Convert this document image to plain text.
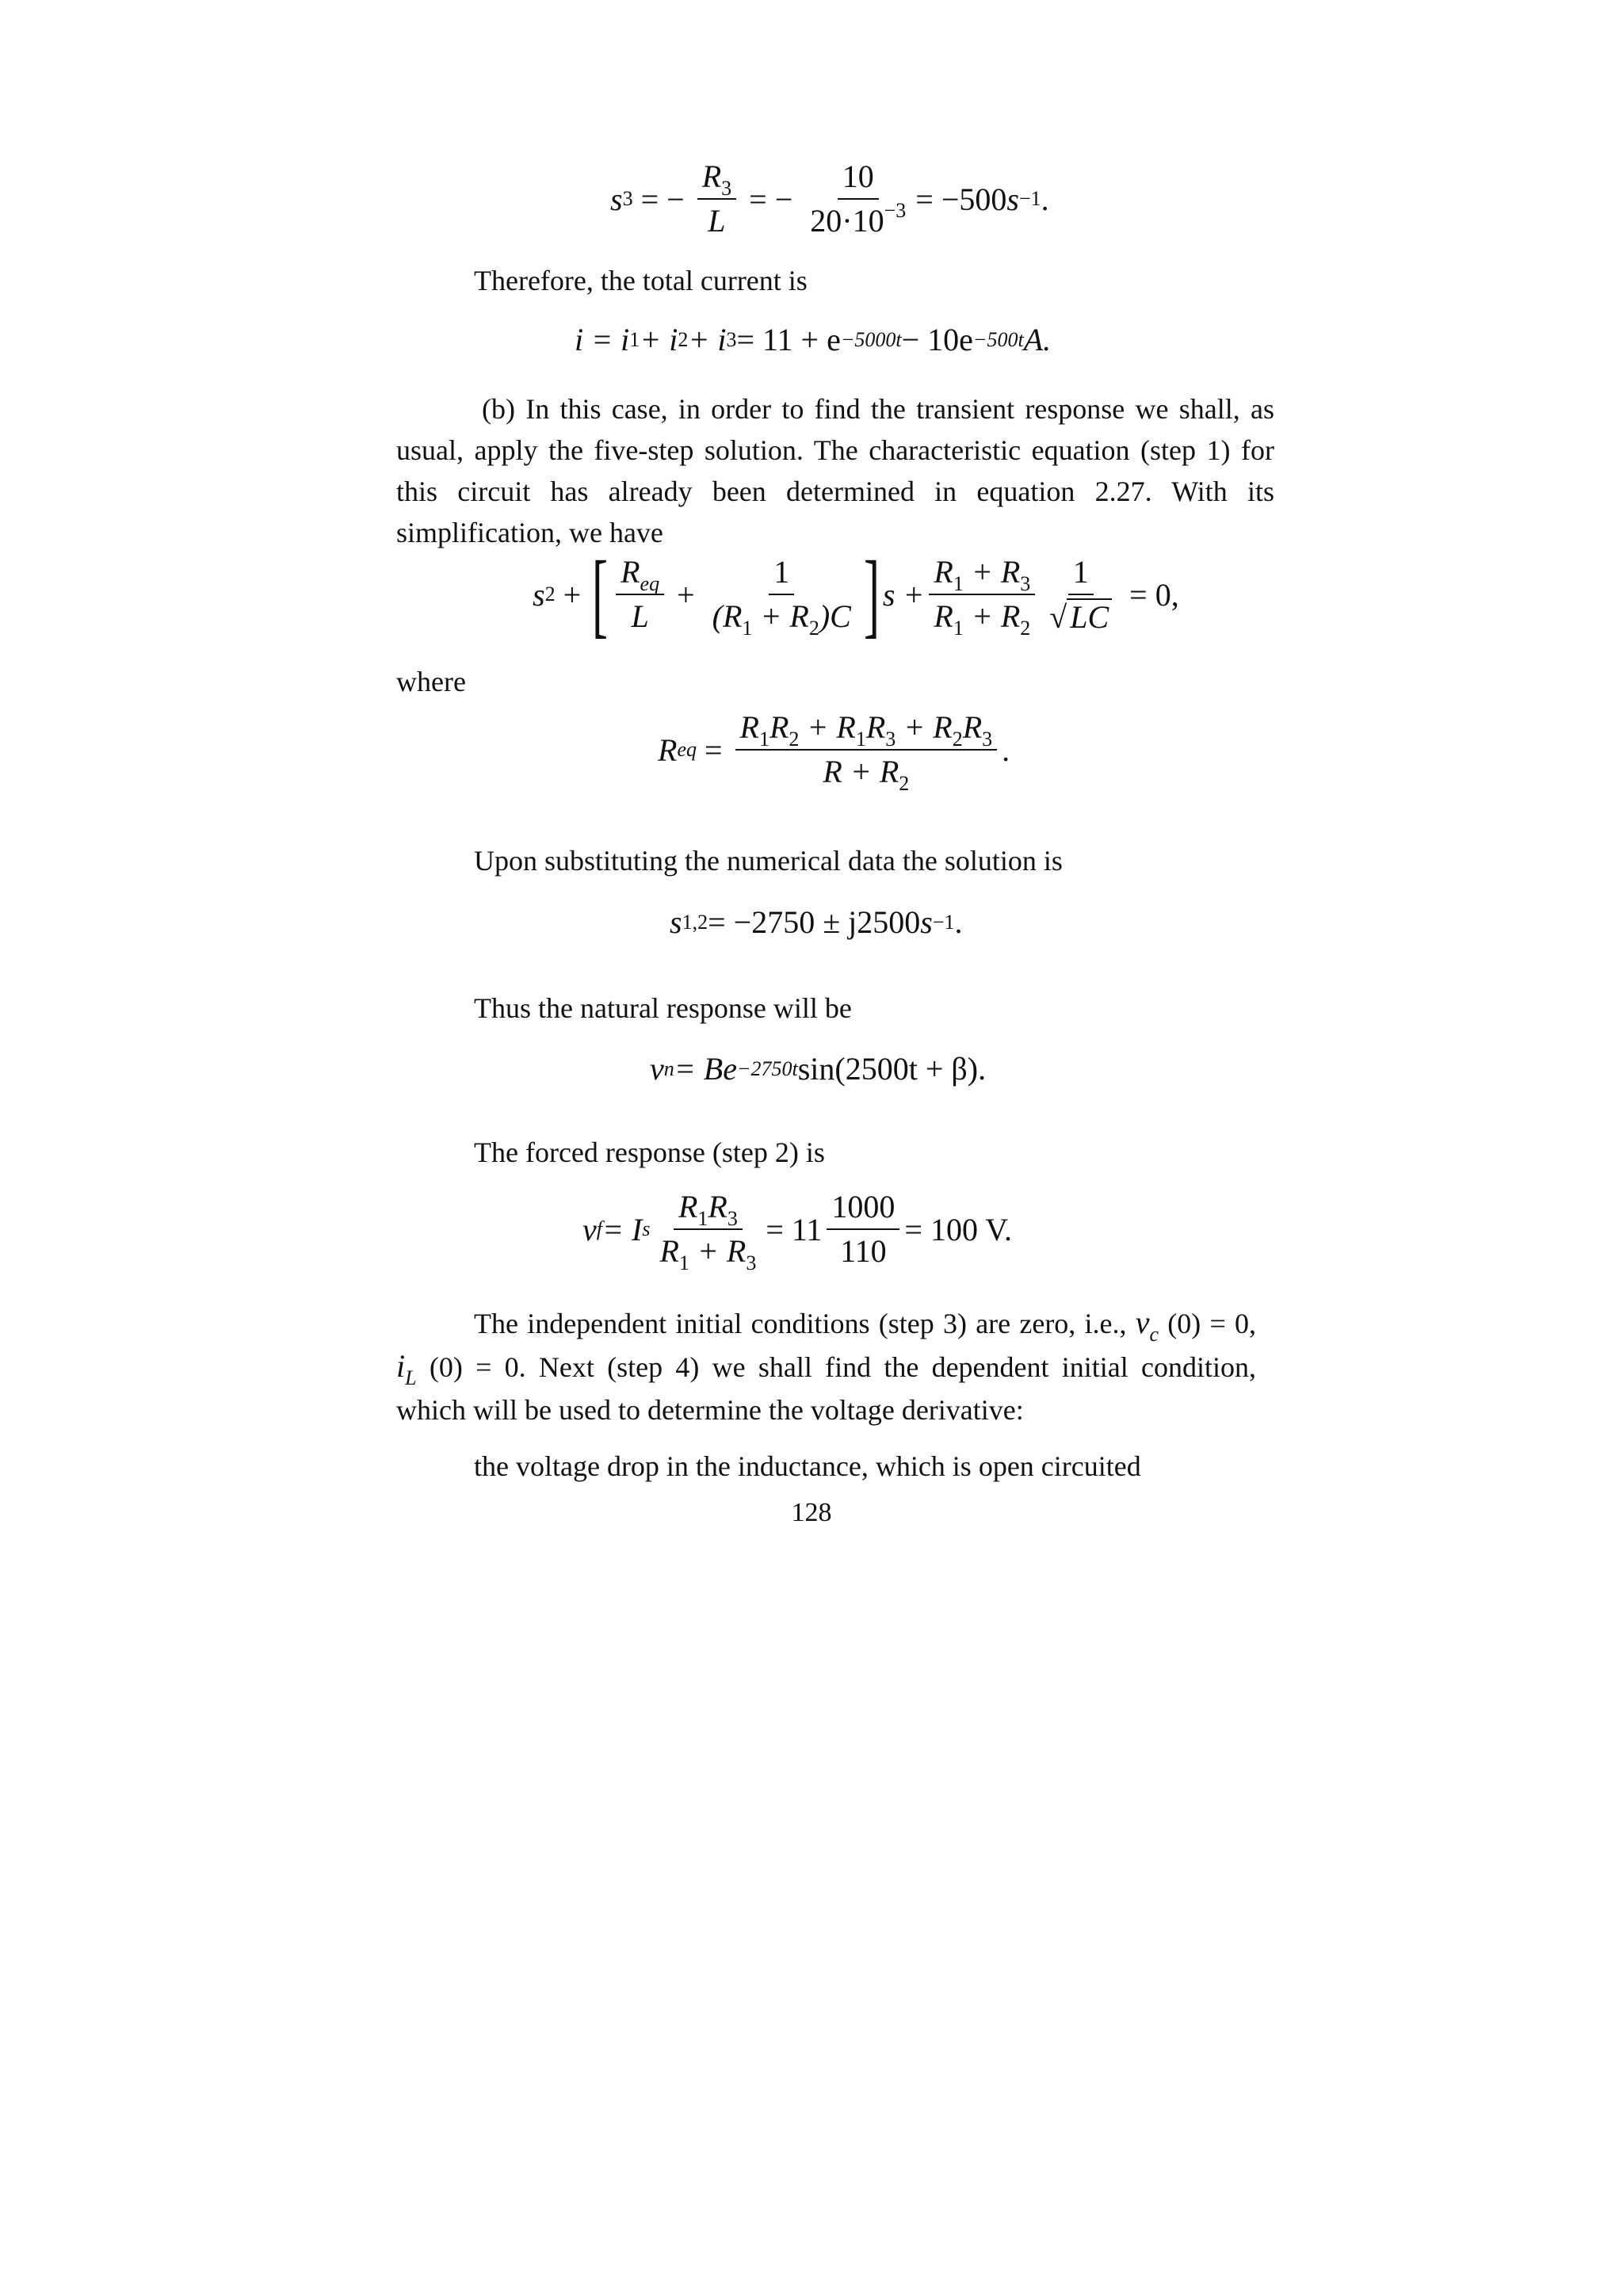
s 3 = − $\frac{R_3}{L}$ = − $\frac{10}{20\cdot 10^{-3}} = -500$ s −1 .
Therefore, the total current is
i = i 1 + i 2 + i 3 = 11 + e −5000t − 10e −500t A.
(b) In this case, in order to find the transient response we shall, as usual, apply the five-step solution. The characteristic equation (step 1) for this circuit has already been determined in equation 2.27. With its simplification, we have
s 2 + [ $\frac{R_{eq}}{L} + \frac{1}{(R_1 + R_2)C}$ ] $s + \frac{R_1 + R_3}{R_1 + R_2} \frac{1}{√ LC} = 0$,
where
R eq = $\frac{R_1R_2 + R_1R_3 + R_2R_3}{R + R_2}$ .
Upon substituting the numerical data the solution is
s 1,2 = −2750 ± j2500 s −1 .
Thus the natural response will be
v n = Be −2750t sin(2500t + β).
The forced response (step 2) is
v f = I s $\frac{R_1R_3}{R_1 + R_3} = 11 \frac{1000}{110} = 100$ V.
The independent initial conditions (step 3) are zero, i.e., $v_c$ (0) = 0, $i_L$ (0) = 0. Next (step 4) we shall find the dependent initial condition, which will be used to determine the voltage derivative:
the voltage drop in the inductance, which is open circuited
128
